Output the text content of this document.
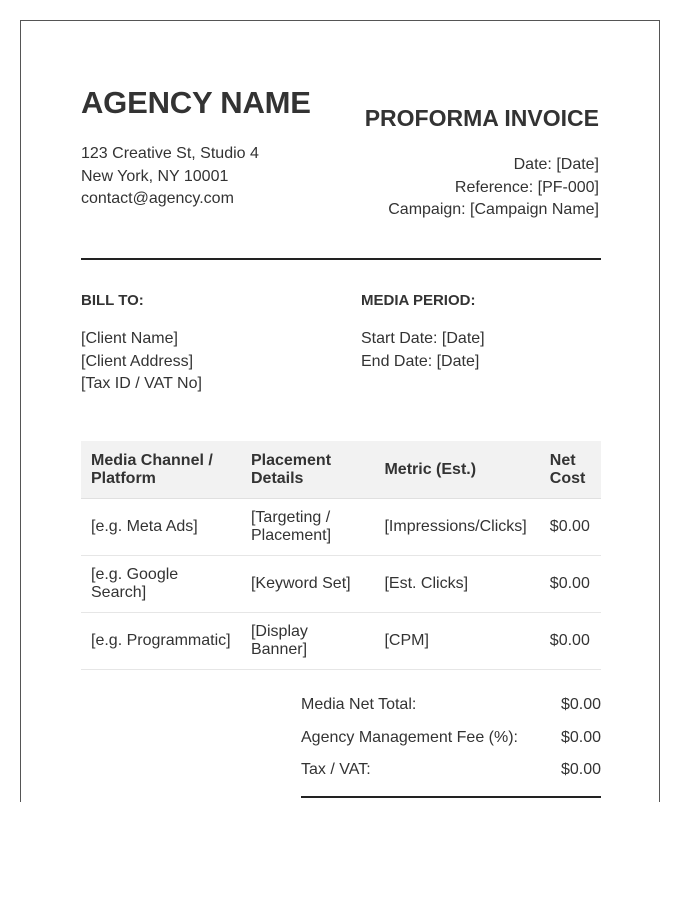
AGENCY NAME
123 Creative St, Studio 4
New York, NY 10001
contact@agency.com
PROFORMA INVOICE
Date: [Date]
Reference: [PF-000]
Campaign: [Campaign Name]
BILL TO:
[Client Name]
[Client Address]
[Tax ID / VAT No]
MEDIA PERIOD:
Start Date: [Date]
End Date: [Date]
Media Channel / Platform	Placement Details	Metric (Est.)	Net Cost
[e.g. Meta Ads]	[Targeting / Placement]	[Impressions/Clicks]	$0.00
[e.g. Google Search]	[Keyword Set]	[Est. Clicks]	$0.00
[e.g. Programmatic]	[Display Banner]	[CPM]	$0.00
Media Net Total:	$0.00
Agency Management Fee (%):	$0.00
Tax / VAT:	$0.00
